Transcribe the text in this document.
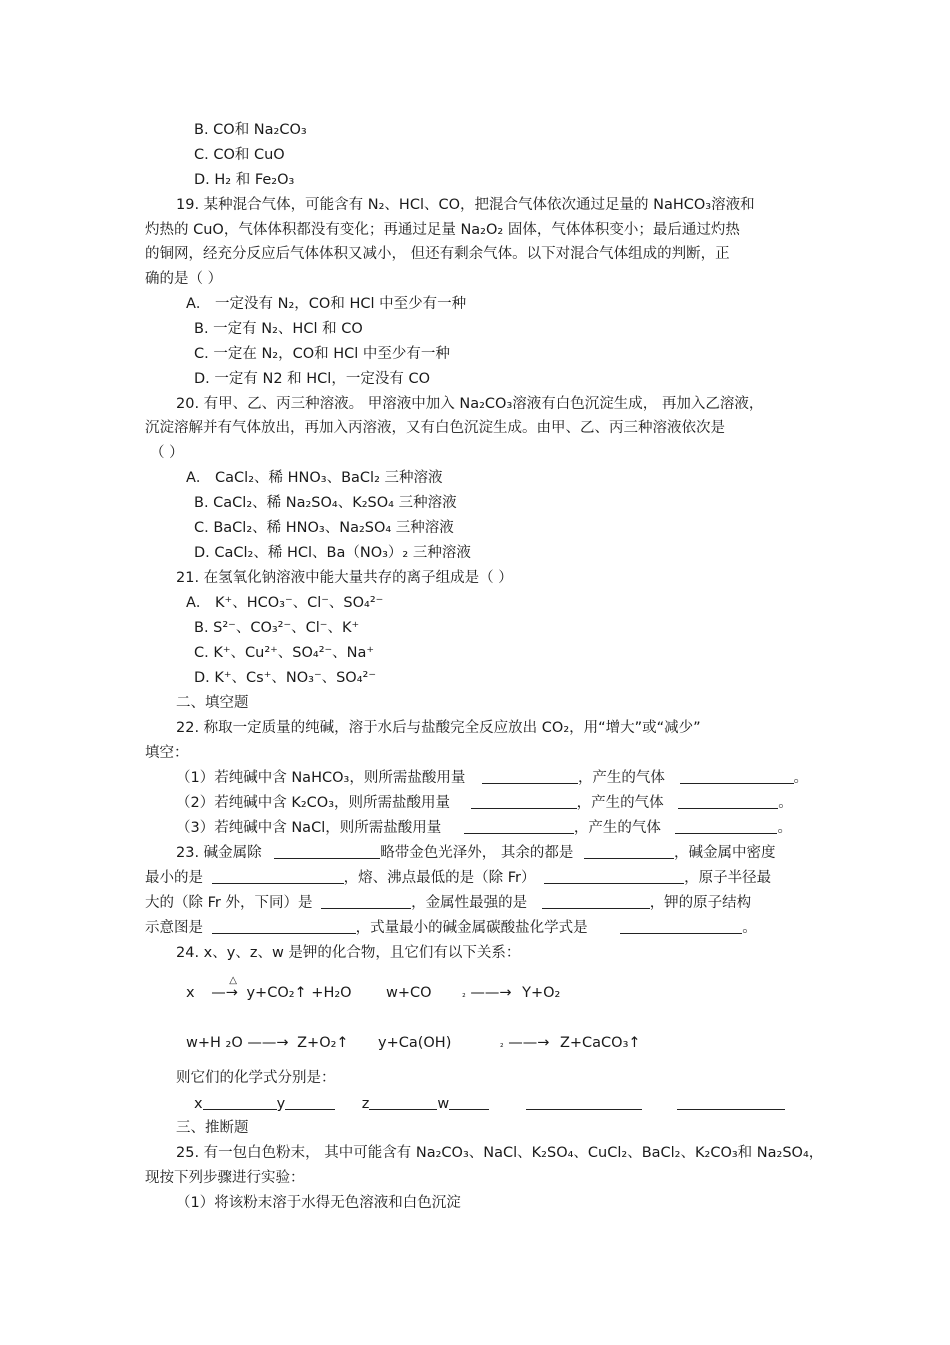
B. CO和 Na₂CO₃
C. CO和 CuO
D. H₂ 和 Fe₂O₃
19. 某种混合气体，可能含有 N₂、HCl、CO，把混合气体依次通过足量的 NaHCO₃溶液和
灼热的 CuO，气体体积都没有变化；再通过足量 Na₂O₂ 固体，气体体积变小；最后通过灼热
的铜网，经充分反应后气体体积又减小， 但还有剩余气体。以下对混合气体组成的判断，正
确的是（ ）
A． 一定没有 N₂，CO和 HCl 中至少有一种
B. 一定有 N₂、HCl 和 CO
C. 一定在 N₂，CO和 HCl 中至少有一种
D. 一定有 N2 和 HCl，一定没有 CO
20. 有甲、乙、丙三种溶液。 甲溶液中加入 Na₂CO₃溶液有白色沉淀生成， 再加入乙溶液，
沉淀溶解并有气体放出，再加入丙溶液，又有白色沉淀生成。由甲、乙、丙三种溶液依次是
（ ）
A． CaCl₂、稀 HNO₃、BaCl₂ 三种溶液
B. CaCl₂、稀 Na₂SO₄、K₂SO₄ 三种溶液
C. BaCl₂、稀 HNO₃、Na₂SO₄ 三种溶液
D. CaCl₂、稀 HCl、Ba（NO₃）₂ 三种溶液
21. 在氢氧化钠溶液中能大量共存的离子组成是（ ）
A． K⁺、HCO₃⁻、Cl⁻、SO₄²⁻
B. S²⁻、CO₃²⁻、Cl⁻、K⁺
C. K⁺、Cu²⁺、SO₄²⁻、Na⁺
D. K⁺、Cs⁺、NO₃⁻、SO₄²⁻
二、填空题
22. 称取一定质量的纯碱，溶于水后与盐酸完全反应放出 CO₂，用“增大”或“减少”
填空：
（1）若纯碱中含 NaHCO₃，则所需盐酸用量	，产生的气体	。
（2）若纯碱中含 K₂CO₃，则所需盐酸用量	，产生的气体	。
（3）若纯碱中含 NaCl，则所需盐酸用量	，产生的气体	。
23. 碱金属除	略带金色光泽外， 其余的都是	，碱金属中密度
最小的是	，熔、沸点最低的是（除 Fr）	，原子半径最
大的（除 Fr 外，下同）是	，金属性最强的是	，钾的原子结构
示意图是	，式量最小的碱金属碳酸盐化学式是	。
24. x、y、z、w 是钾的化合物，且它们有以下关系：
x
△
—→ y+CO₂↑ +H₂O w+CO	₂ ——→ Y+O₂
w+H ₂O ——→ Z+O₂↑ y+Ca(OH)	₂ ——→ Z+CaCO₃↑
则它们的化学式分别是：
x	y	z	w
三、推断题
25. 有一包白色粉末， 其中可能含有 Na₂CO₃、NaCl、K₂SO₄、CuCl₂、BaCl₂、K₂CO₃和 Na₂SO₄，
现按下列步骤进行实验：
（1）将该粉末溶于水得无色溶液和白色沉淀
